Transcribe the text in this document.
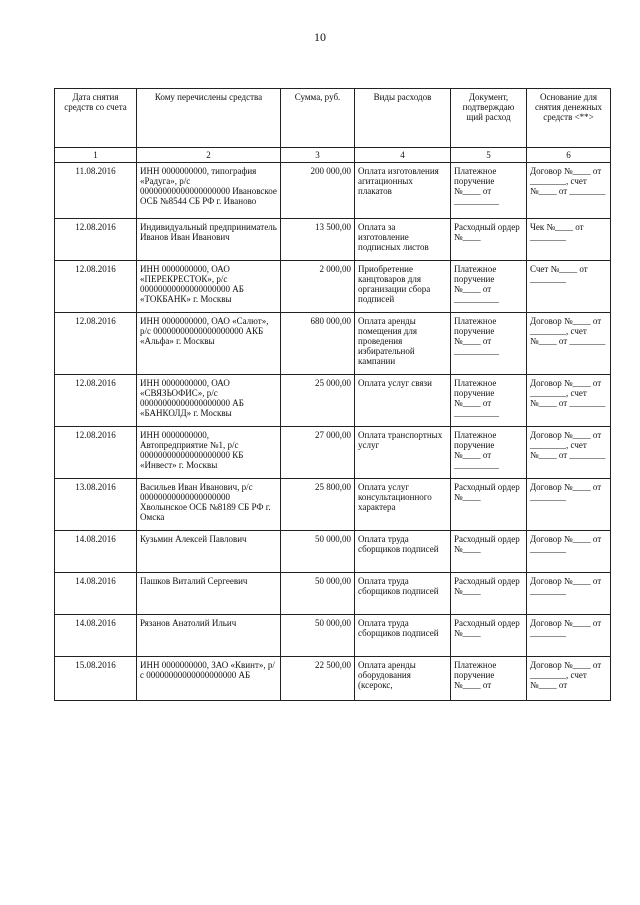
10
Дата снятия средств со счета	Кому перечислены средства	Сумма, руб.	Виды расходов	Документ, подтверждаю щий расход	Основание для снятия денежных средств <**>
1	2	3	4	5	6
11.08.2016	ИНН 0000000000, типография «Радуга», р/с 00000000000000000000 Ивановское ОСБ №8544 СБ РФ г. Иваново	200 000,00	Оплата изготовления агитационных плакатов	Платежное поручение №____ от __________	Договор №____ от ________, счет №____ от ________
12.08.2016	Индивидуальный предприниматель Иванов Иван Иванович	13 500,00	Оплата за изготовление подписных листов	Расходный ордер №____	Чек №____ от ________
12.08.2016	ИНН 0000000000, ОАО «ПЕРЕКРЕСТОК», р/с 00000000000000000000 АБ «ТОКБАНК» г. Москвы	2 000,00	Приобретение канцтоваров для организации сбора подписей	Платежное поручение №____ от __________	Счет №____ от ________
12.08.2016	ИНН 0000000000, ОАО «Салют», р/с 00000000000000000000 АКБ «Альфа» г. Москвы	680 000,00	Оплата аренды помещения для проведения избирательной кампании	Платежное поручение №____ от __________	Договор №____ от ________, счет №____ от ________
12.08.2016	ИНН 0000000000, ОАО «СВЯЗЬОФИС», р/с 00000000000000000000 АБ «БАНКОЛД» г. Москвы	25 000,00	Оплата услуг связи	Платежное поручение №____ от __________	Договор №____ от ________, счет №____ от ________
12.08.2016	ИНН 0000000000, Автопредприятие №1, р/с 00000000000000000000 КБ «Инвест» г. Москвы	27 000,00	Оплата транспортных услуг	Платежное поручение №____ от __________	Договор №____ от ________, счет №____ от ________
13.08.2016	Васильев Иван Иванович, р/с 00000000000000000000 Хволынское ОСБ №8189 СБ РФ г. Омска	25 800,00	Оплата услуг консультационного характера	Расходный ордер №____	Договор №____ от ________
14.08.2016	Кузьмин Алексей Павлович	50 000,00	Оплата труда сборщиков подписей	Расходный ордер №____	Договор №____ от ________
14.08.2016	Пашков Виталий Сергеевич	50 000,00	Оплата труда сборщиков подписей	Расходный ордер №____	Договор №____ от ________
14.08.2016	Рязанов Анатолий Ильич	50 000,00	Оплата труда сборщиков подписей	Расходный ордер №____	Договор №____ от ________
15.08.2016	ИНН 0000000000, ЗАО «Квинт», р/с 00000000000000000000 АБ	22 500,00	Оплата аренды оборудования (ксерокс,	Платежное поручение №____ от	Договор №____ от ________, счет №____ от
